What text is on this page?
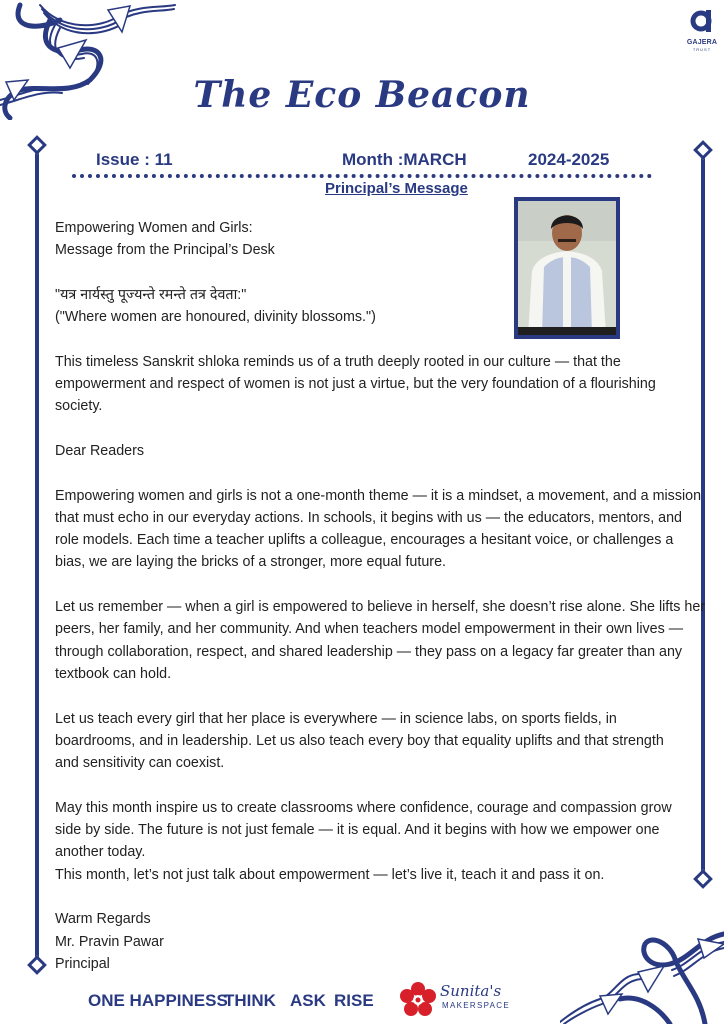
GAJERA
TRUST
The Eco Beacon
Issue : 11	Month :MARCH	2024-2025
Principal’s Message

Empowering Women and Girls:
Message from the Principal’s Desk

"यत्र नार्यस्तु पूज्यन्ते रमन्ते तत्र देवता:"
("Where women are honoured, divinity blossoms.")

This timeless Sanskrit shloka reminds us of a truth deeply rooted in our culture — that the empowerment and respect of women is not just a virtue, but the very foundation of a flourishing society.

Dear Readers

Empowering women and girls is not a one-month theme — it is a mindset, a movement, and a mission that must echo in our everyday actions. In schools, it begins with us — the educators, mentors, and role models. Each time a teacher uplifts a colleague, encourages a hesitant voice, or challenges a bias, we are laying the bricks of a stronger, more equal future.

Let us remember — when a girl is empowered to believe in herself, she doesn’t rise alone. She lifts her peers, her family, and her community. And when teachers model empowerment in their own lives — through collaboration, respect, and shared leadership — they pass on a legacy far greater than any textbook can hold.

Let us teach every girl that her place is everywhere — in science labs, on sports fields, in boardrooms, and in leadership. Let us also teach every boy that equality uplifts and that strength and sensitivity can coexist.

May this month inspire us to create classrooms where confidence, courage and compassion grow side by side. The future is not just female — it is equal. And it begins with how we empower one another today.

This month, let’s not just talk about empowerment — let’s live it, teach it and pass it on.

Warm Regards
Mr. Pravin Pawar
Principal

ONE HAPPINESS
THINK ASK RISE	Sunita's
MAKERSPACE
